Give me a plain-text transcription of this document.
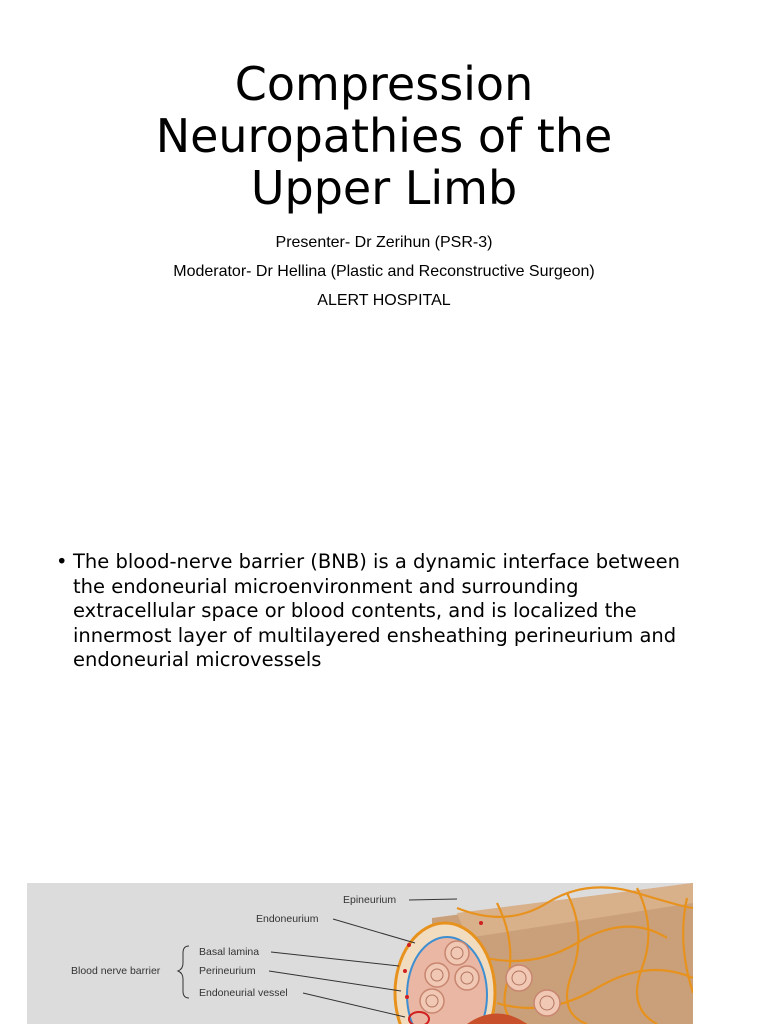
Compression
Neuropathies of the
Upper Limb
Presenter- Dr Zerihun (PSR-3)
Moderator- Dr Hellina (Plastic and Reconstructive Surgeon)
ALERT HOSPITAL
• The blood-nerve barrier (BNB) is a dynamic interface between the endoneurial microenvironment and surrounding extracellular space or blood contents, and is localized the innermost layer of multilayered ensheathing perineurium and endoneurial microvessels
Epineurium
Endoneurium
Blood nerve barrier
Basal lamina
Perineurium
Endoneurial vessel
